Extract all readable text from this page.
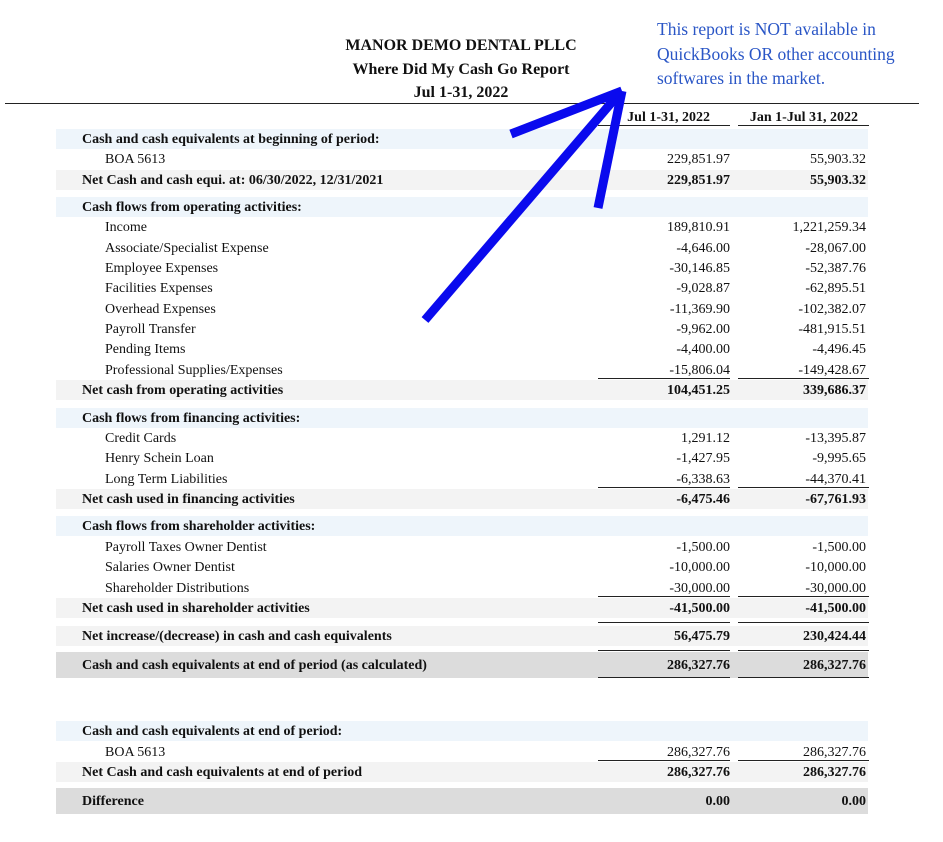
MANOR DEMO DENTAL PLLC
Where Did My Cash Go Report
Jul 1-31, 2022
This report is NOT available in
QuickBooks OR other accounting
softwares in the market.
Jul 1-31, 2022	Jan 1-Jul 31, 2022
Cash and cash equivalents at beginning of period:
BOA 5613	229,851.97	55,903.32
Net Cash and cash equi. at: 06/30/2022, 12/31/2021	229,851.97	55,903.32
Cash flows from operating activities:
Income	189,810.91	1,221,259.34
Associate/Specialist Expense	-4,646.00	-28,067.00
Employee Expenses	-30,146.85	-52,387.76
Facilities Expenses	-9,028.87	-62,895.51
Overhead Expenses	-11,369.90	-102,382.07
Payroll Transfer	-9,962.00	-481,915.51
Pending Items	-4,400.00	-4,496.45
Professional Supplies/Expenses	-15,806.04	-149,428.67
Net cash from operating activities	104,451.25	339,686.37
Cash flows from financing activities:
Credit Cards	1,291.12	-13,395.87
Henry Schein Loan	-1,427.95	-9,995.65
Long Term Liabilities	-6,338.63	-44,370.41
Net cash used in financing activities	-6,475.46	-67,761.93
Cash flows from shareholder activities:
Payroll Taxes Owner Dentist	-1,500.00	-1,500.00
Salaries Owner Dentist	-10,000.00	-10,000.00
Shareholder Distributions	-30,000.00	-30,000.00
Net cash used in shareholder activities	-41,500.00	-41,500.00
Net increase/(decrease) in cash and cash equivalents	56,475.79	230,424.44
Cash and cash equivalents at end of period (as calculated)	286,327.76	286,327.76
Cash and cash equivalents at end of period:
BOA 5613	286,327.76	286,327.76
Net Cash and cash equivalents at end of period	286,327.76	286,327.76
Difference	0.00	0.00
